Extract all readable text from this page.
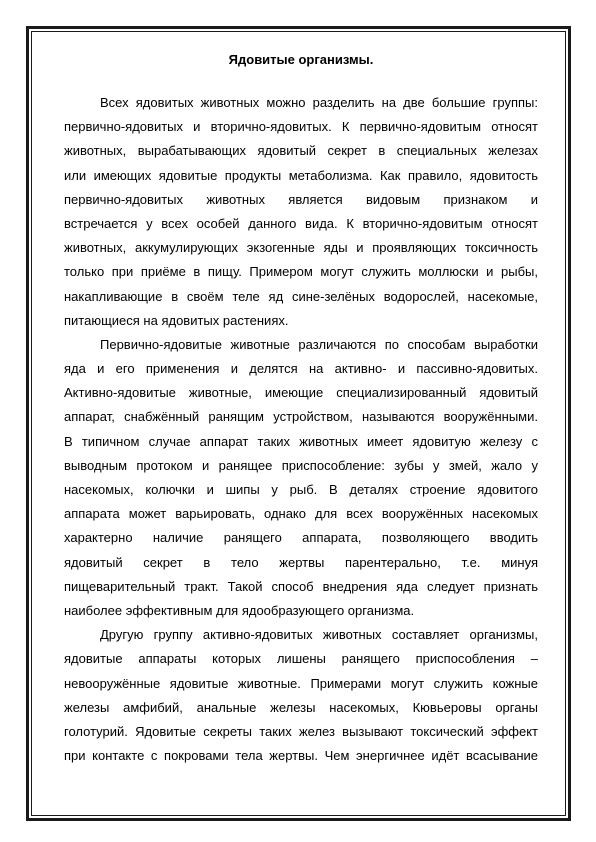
Ядовитые организмы.
Всех ядовитых животных можно разделить на две большие группы:
первично-ядовитых и вторично-ядовитых. К первично-ядовитым относят
животных, вырабатывающих ядовитый секрет в специальных железах
или имеющих ядовитые продукты метаболизма. Как правило, ядовитость
первично-ядовитых животных является видовым признаком и
встречается у всех особей данного вида. К вторично-ядовитым относят
животных, аккумулирующих экзогенные яды и проявляющих токсичность
только при приёме в пищу. Примером могут служить моллюски и рыбы,
накапливающие в своём теле яд сине-зелёных водорослей, насекомые,
питающиеся на ядовитых растениях.
Первично-ядовитые животные различаются по способам выработки
яда и его применения и делятся на активно- и пассивно-ядовитых.
Активно-ядовитые животные, имеющие специализированный ядовитый
аппарат, снабжённый ранящим устройством, называются вооружёнными.
В типичном случае аппарат таких животных имеет ядовитую железу с
выводным протоком и ранящее приспособление: зубы у змей, жало у
насекомых, колючки и шипы у рыб. В деталях строение ядовитого
аппарата может варьировать, однако для всех вооружённых насекомых
характерно наличие ранящего аппарата, позволяющего вводить
ядовитый секрет в тело жертвы парентерально, т.е. минуя
пищеварительный тракт. Такой способ внедрения яда следует признать
наиболее эффективным для ядообразующего организма.
Другую группу активно-ядовитых животных составляет организмы,
ядовитые аппараты которых лишены ранящего приспособления –
невооружённые ядовитые животные. Примерами могут служить кожные
железы амфибий, анальные железы насекомых, Кювьеровы органы
голотурий. Ядовитые секреты таких желез вызывают токсический эффект
при контакте с покровами тела жертвы. Чем энергичнее идёт всасывание
